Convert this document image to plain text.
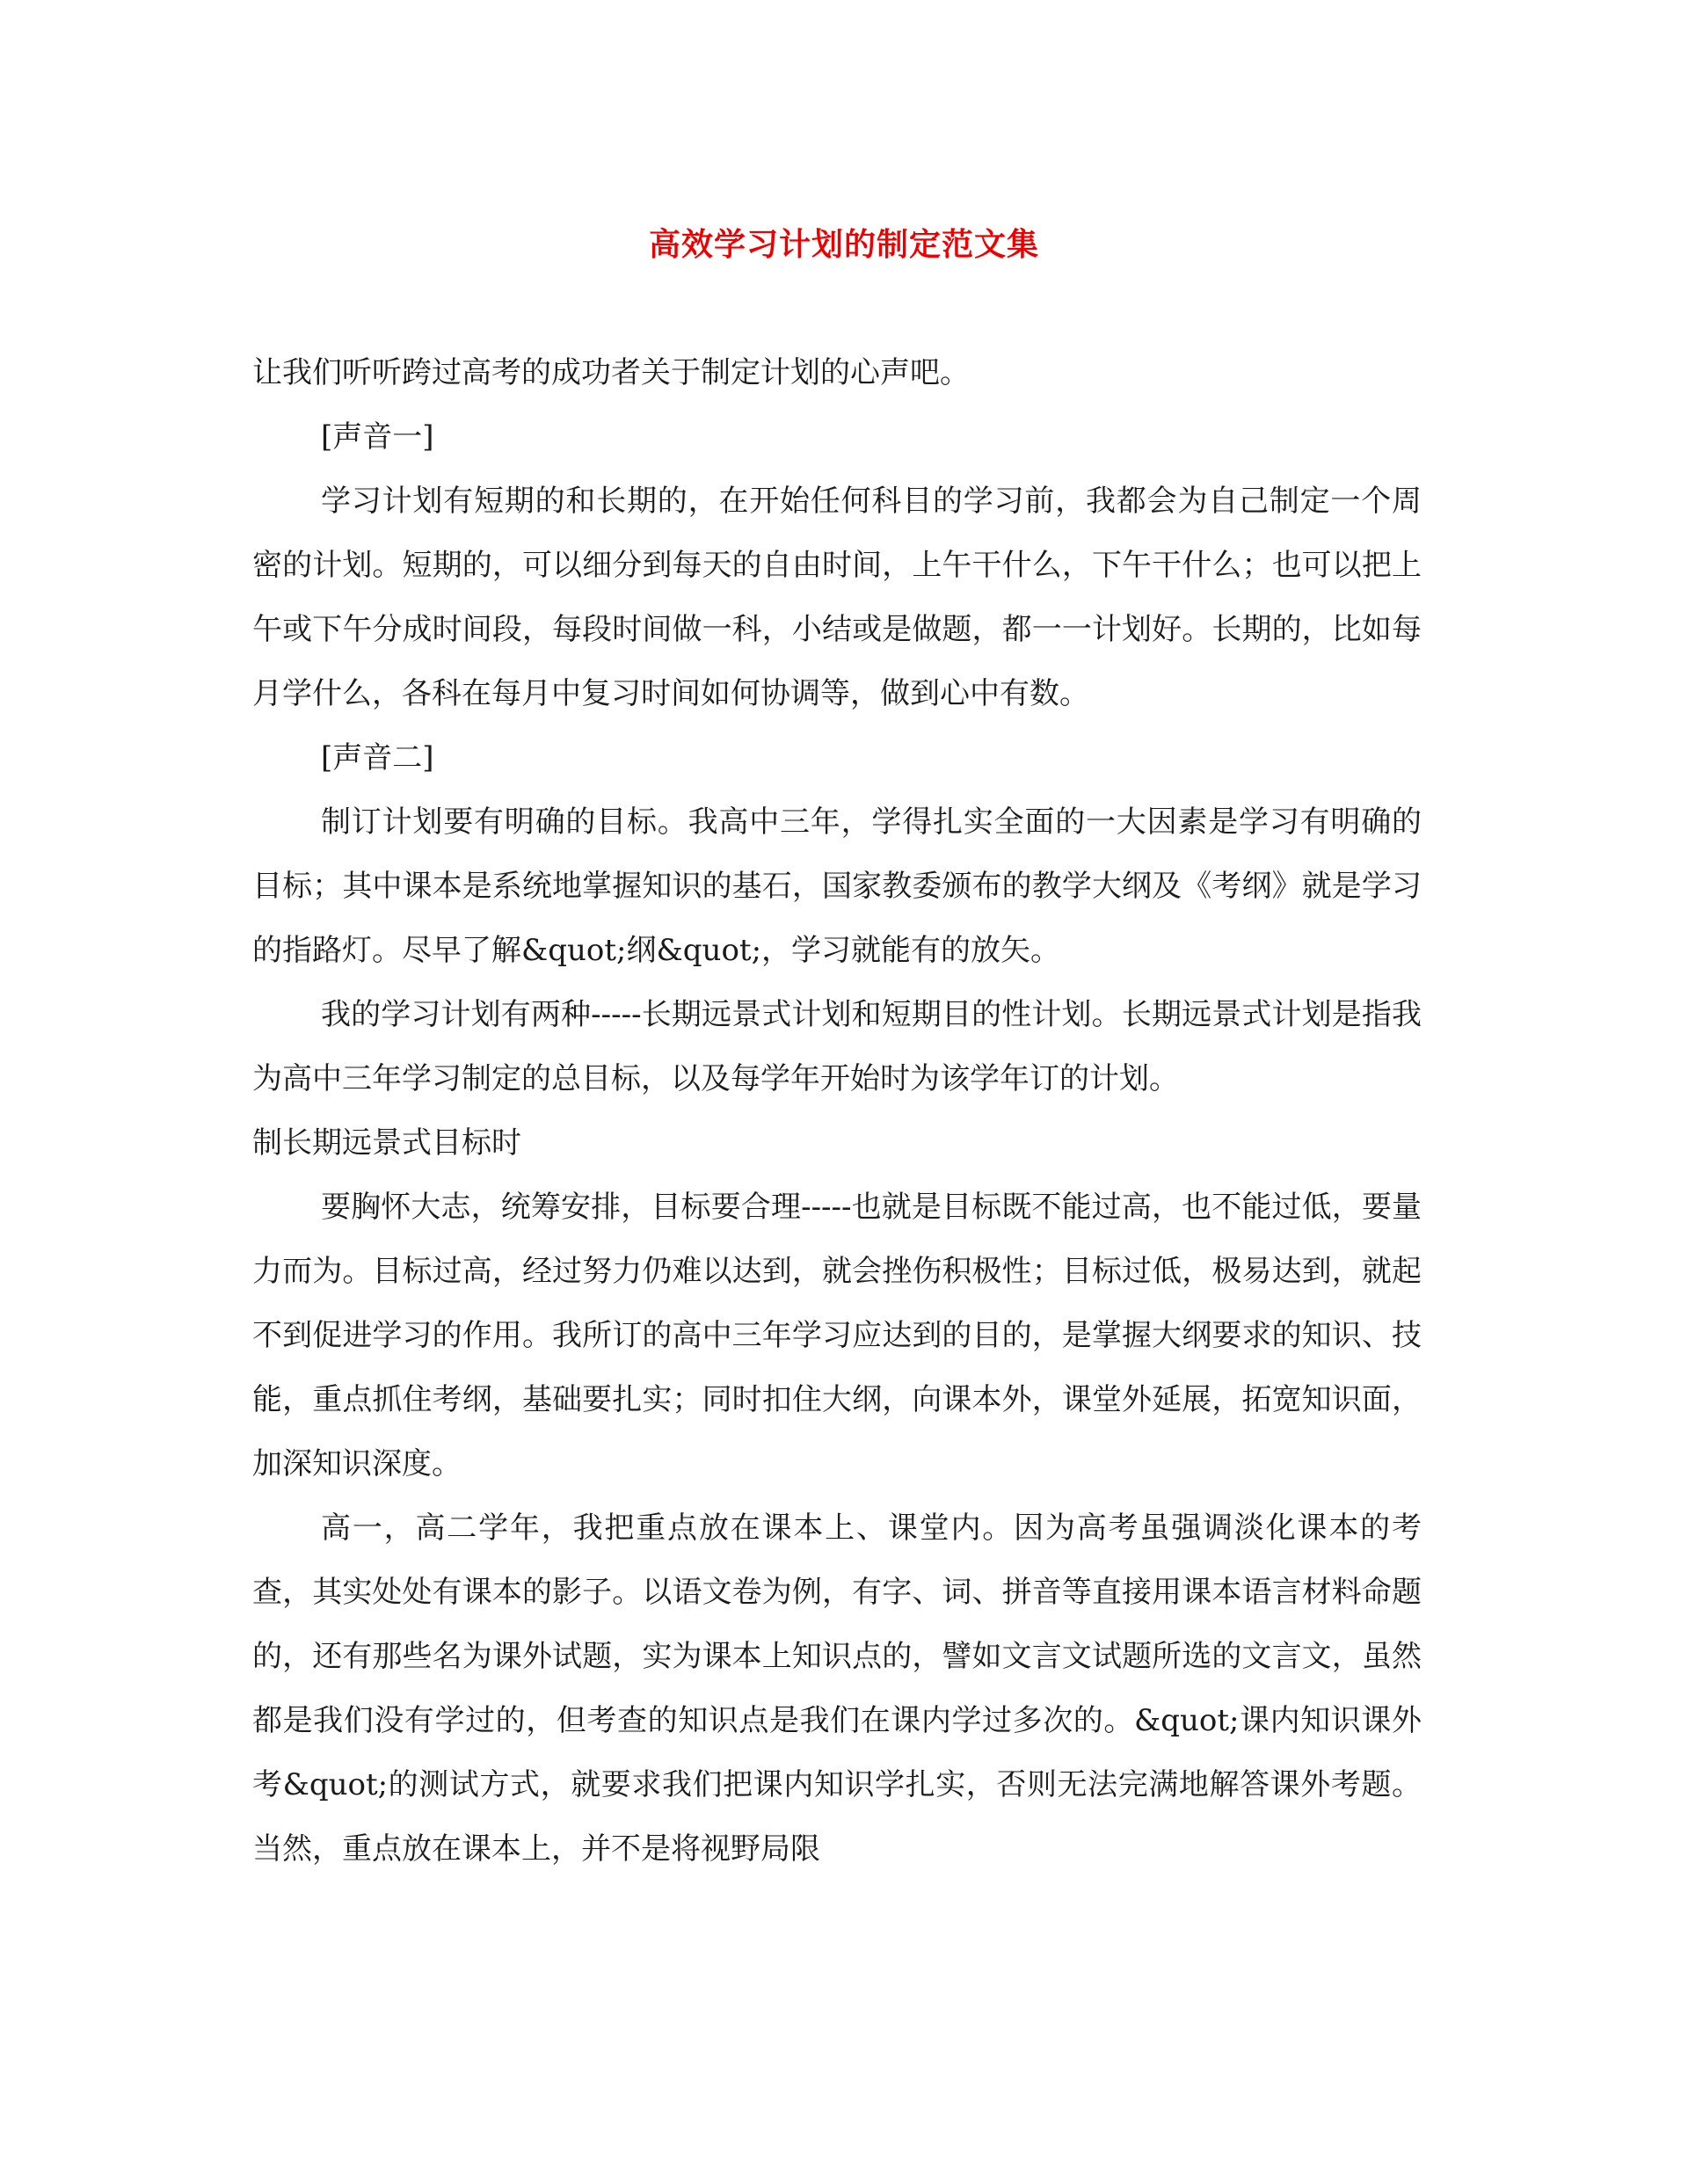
高效学习计划的制定范文集

让我们听听跨过高考的成功者关于制定计划的心声吧。

[声音一]

学习计划有短期的和长期的，在开始任何科目的学习前，我都会为自己制定一个周密的计划。短期的，可以细分到每天的自由时间，上午干什么，下午干什么；也可以把上午或下午分成时间段，每段时间做一科，小结或是做题，都一一计划好。长期的，比如每月学什么，各科在每月中复习时间如何协调等，做到心中有数。

[声音二]

制订计划要有明确的目标。我高中三年，学得扎实全面的一大因素是学习有明确的目标；其中课本是系统地掌握知识的基石，国家教委颁布的教学大纲及《考纲》就是学习的指路灯。尽早了解&quot;纲&quot;，学习就能有的放矢。

我的学习计划有两种-----长期远景式计划和短期目的性计划。长期远景式计划是指我为高中三年学习制定的总目标，以及每学年开始时为该学年订的计划。

制长期远景式目标时

要胸怀大志，统筹安排，目标要合理-----也就是目标既不能过高，也不能过低，要量力而为。目标过高，经过努力仍难以达到，就会挫伤积极性；目标过低，极易达到，就起不到促进学习的作用。我所订的高中三年学习应达到的目的，是掌握大纲要求的知识、技能，重点抓住考纲，基础要扎实；同时扣住大纲，向课本外，课堂外延展，拓宽知识面，加深知识深度。

高一，高二学年，我把重点放在课本上、课堂内。因为高考虽强调淡化课本的考查，其实处处有课本的影子。以语文卷为例，有字、词、拼音等直接用课本语言材料命题的，还有那些名为课外试题，实为课本上知识点的，譬如文言文试题所选的文言文，虽然都是我们没有学过的，但考查的知识点是我们在课内学过多次的。&quot;课内知识课外考&quot;的测试方式，就要求我们把课内知识学扎实，否则无法完满地解答课外考题。当然，重点放在课本上，并不是将视野局限
